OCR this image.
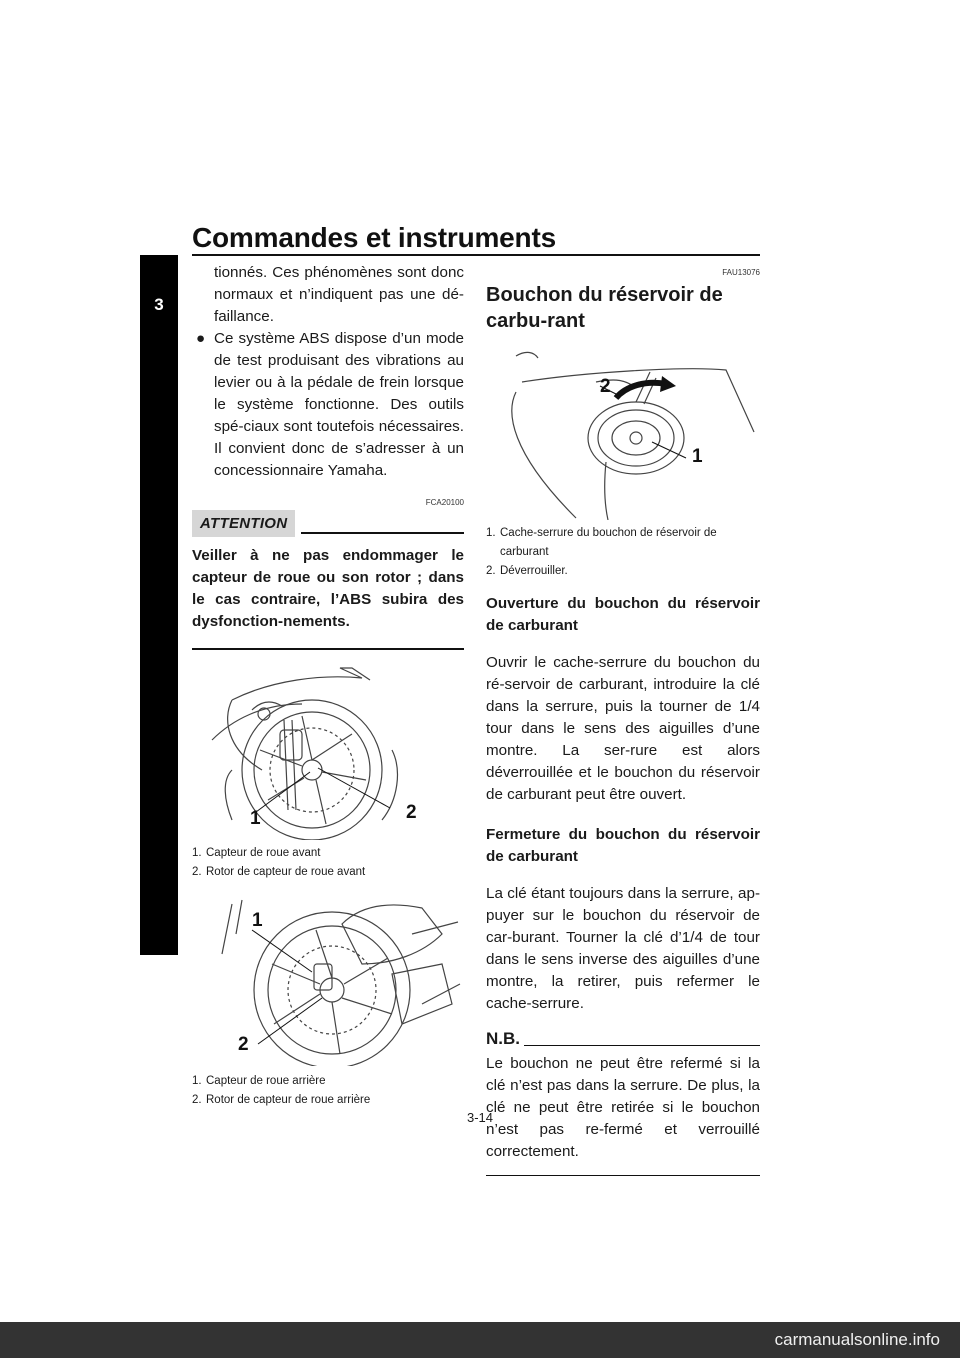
Commandes et instruments
3

tionnés. Ces phénomènes sont donc normaux et n’indiquent pas une dé-faillance.

● Ce système ABS dispose d’un mode de test produisant des vibrations au levier ou à la pédale de frein lorsque le système fonctionne. Des outils spé-ciaux sont toutefois nécessaires. Il convient donc de s’adresser à un concessionnaire Yamaha.

FCA20100
ATTENTION

Veiller à ne pas endommager le capteur de roue ou son rotor ; dans le cas contraire, l’ABS subira des dysfonction-nements.

1	2
1. Capteur de roue avant
2. Rotor de capteur de roue avant
1
2
1. Capteur de roue arrière
2. Rotor de capteur de roue arrière
FAU13076
Bouchon du réservoir de carbu-rant
2
1
1. Cache-serrure du bouchon de réservoir de carburant
2. Déverrouiller.

Ouverture du bouchon du réservoir de carburant

Ouvrir le cache-serrure du bouchon du ré-servoir de carburant, introduire la clé dans la serrure, puis la tourner de 1/4 tour dans le sens des aiguilles d’une montre. La ser-rure est alors déverrouillée et le bouchon du réservoir de carburant peut être ouvert.

Fermeture du bouchon du réservoir de carburant

La clé étant toujours dans la serrure, ap-puyer sur le bouchon du réservoir de car-burant. Tourner la clé d’1/4 de tour dans le sens inverse des aiguilles d’une montre, la retirer, puis refermer le cache-serrure.

N.B.

Le bouchon ne peut être refermé si la clé n’est pas dans la serrure. De plus, la clé ne peut être retirée si le bouchon n’est pas re-fermé et verrouillé correctement.

3-14
carmanualsonline.info
